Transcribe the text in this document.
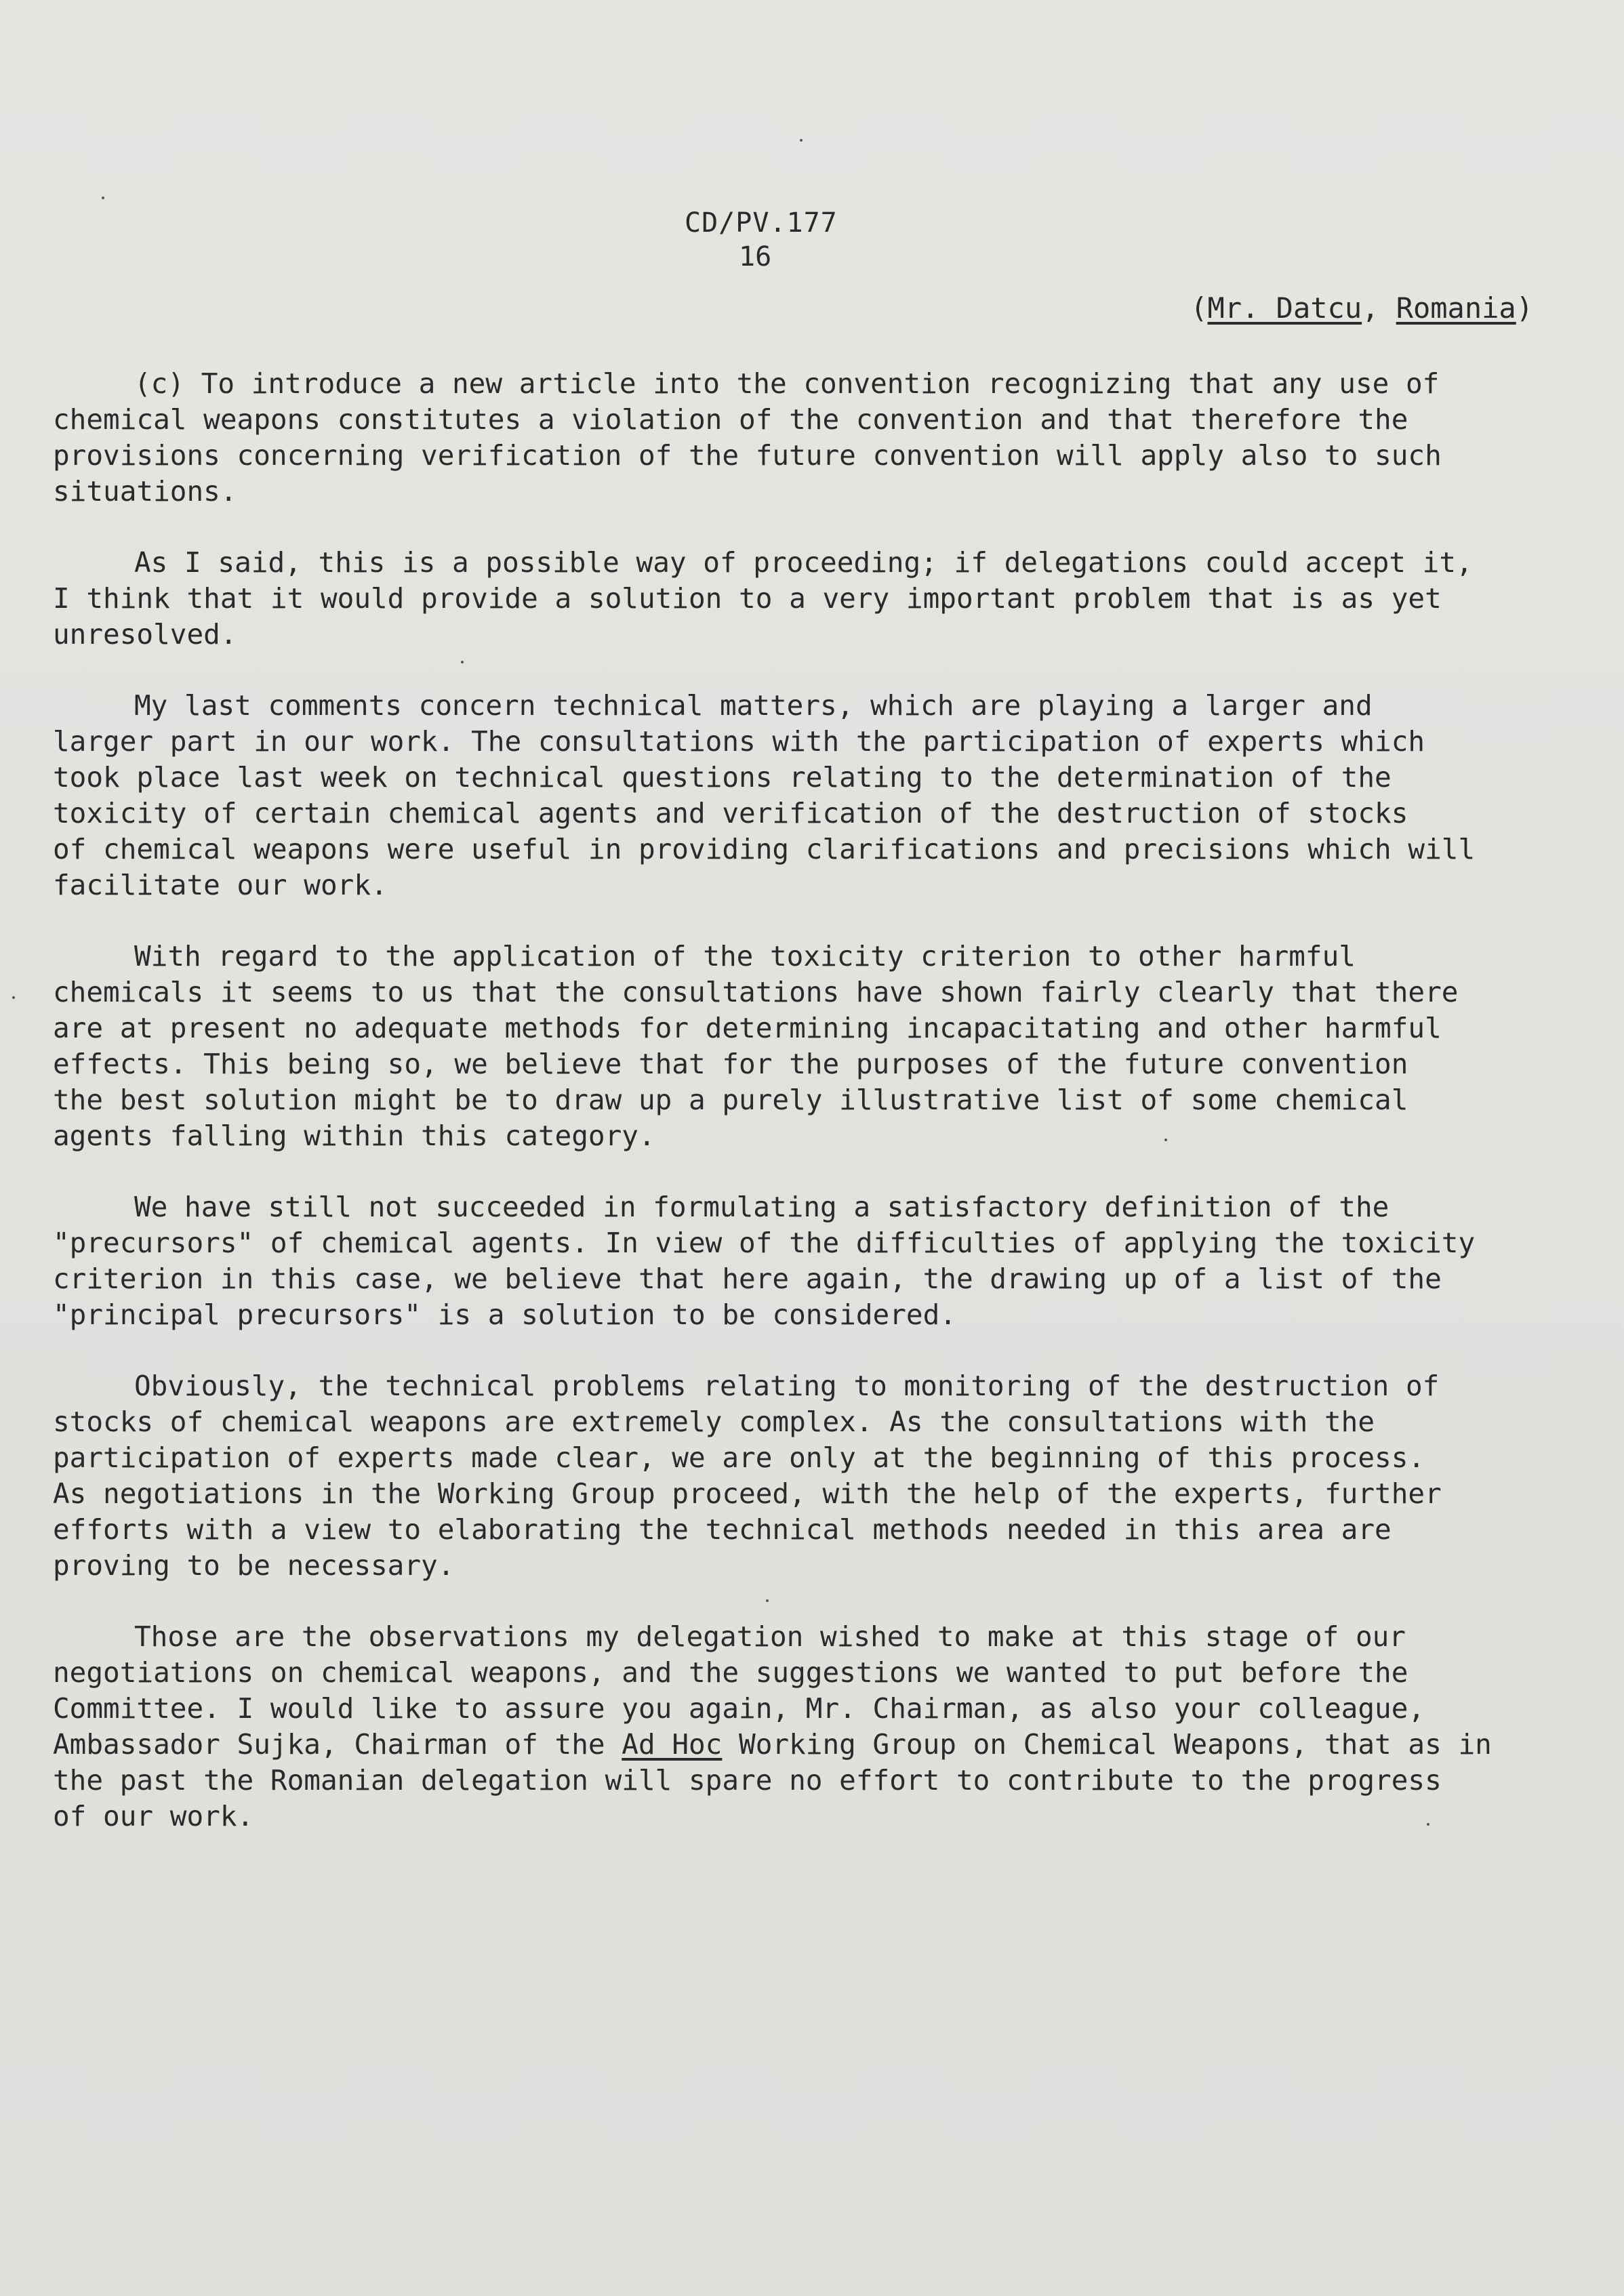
CD/PV.177
16
(Mr. Datcu, Romania)

(c) To introduce a new article into the convention recognizing that any use of
chemical weapons constitutes a violation of the convention and that therefore the
provisions concerning verification of the future convention will apply also to such
situations.

As I said, this is a possible way of proceeding; if delegations could accept it,
I think that it would provide a solution to a very important problem that is as yet
unresolved.

My last comments concern technical matters, which are playing a larger and
larger part in our work. The consultations with the participation of experts which
took place last week on technical questions relating to the determination of the
toxicity of certain chemical agents and verification of the destruction of stocks
of chemical weapons were useful in providing clarifications and precisions which will
facilitate our work.

With regard to the application of the toxicity criterion to other harmful
chemicals it seems to us that the consultations have shown fairly clearly that there
are at present no adequate methods for determining incapacitating and other harmful
effects. This being so, we believe that for the purposes of the future convention
the best solution might be to draw up a purely illustrative list of some chemical
agents falling within this category.

We have still not succeeded in formulating a satisfactory definition of the
"precursors" of chemical agents. In view of the difficulties of applying the toxicity
criterion in this case, we believe that here again, the drawing up of a list of the
"principal precursors" is a solution to be considered.

Obviously, the technical problems relating to monitoring of the destruction of
stocks of chemical weapons are extremely complex. As the consultations with the
participation of experts made clear, we are only at the beginning of this process.
As negotiations in the Working Group proceed, with the help of the experts, further
efforts with a view to elaborating the technical methods needed in this area are
proving to be necessary.

Those are the observations my delegation wished to make at this stage of our
negotiations on chemical weapons, and the suggestions we wanted to put before the
Committee. I would like to assure you again, Mr. Chairman, as also your colleague,
Ambassador Sujka, Chairman of the Ad Hoc Working Group on Chemical Weapons, that as in
the past the Romanian delegation will spare no effort to contribute to the progress
of our work.
